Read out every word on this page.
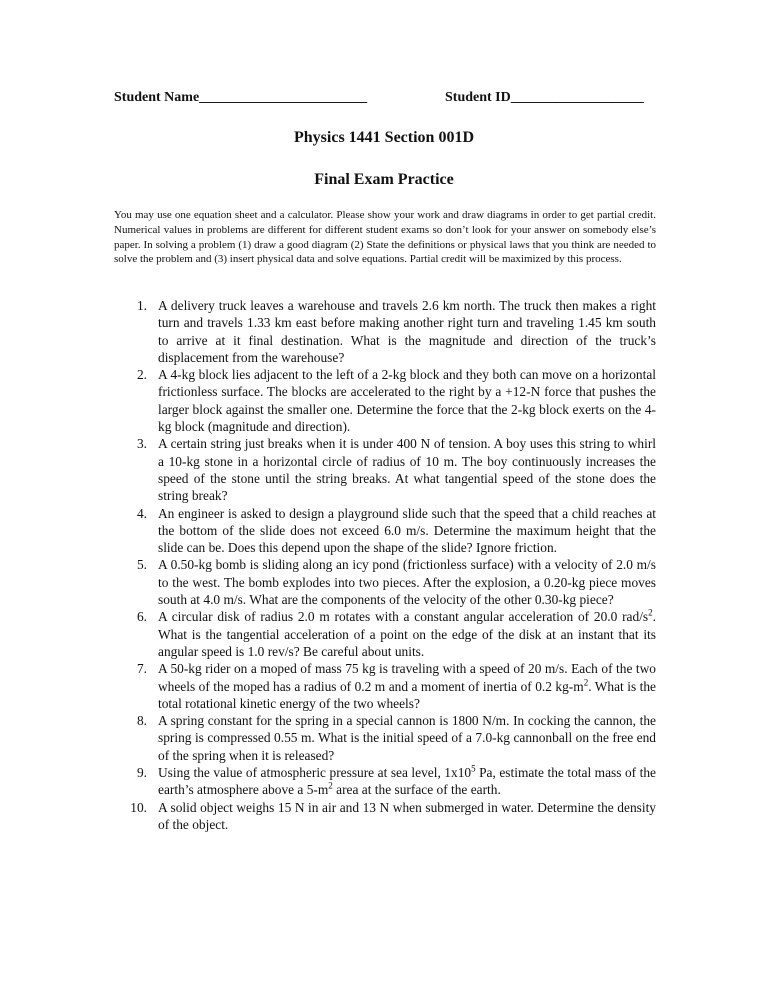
Student Name________________________	Student ID___________________
Physics 1441 Section 001D
Final Exam Practice
You may use one equation sheet and a calculator. Please show your work and draw diagrams in order to get partial credit. Numerical values in problems are different for different student exams so don’t look for your answer on somebody else’s paper. In solving a problem (1) draw a good diagram (2) State the definitions or physical laws that you think are needed to solve the problem and (3) insert physical data and solve equations. Partial credit will be maximized by this process.
1. A delivery truck leaves a warehouse and travels 2.6 km north. The truck then makes a right turn and travels 1.33 km east before making another right turn and traveling 1.45 km south to arrive at it final destination. What is the magnitude and direction of the truck’s displacement from the warehouse?
2. A 4-kg block lies adjacent to the left of a 2-kg block and they both can move on a horizontal frictionless surface. The blocks are accelerated to the right by a +12-N force that pushes the larger block against the smaller one. Determine the force that the 2-kg block exerts on the 4-kg block (magnitude and direction).
3. A certain string just breaks when it is under 400 N of tension. A boy uses this string to whirl a 10-kg stone in a horizontal circle of radius of 10 m. The boy continuously increases the speed of the stone until the string breaks. At what tangential speed of the stone does the string break?
4. An engineer is asked to design a playground slide such that the speed that a child reaches at the bottom of the slide does not exceed 6.0 m/s. Determine the maximum height that the slide can be. Does this depend upon the shape of the slide? Ignore friction.
5. A 0.50-kg bomb is sliding along an icy pond (frictionless surface) with a velocity of 2.0 m/s to the west. The bomb explodes into two pieces. After the explosion, a 0.20-kg piece moves south at 4.0 m/s. What are the components of the velocity of the other 0.30-kg piece?
6. A circular disk of radius 2.0 m rotates with a constant angular acceleration of 20.0 rad/$s^2$. What is the tangential acceleration of a point on the edge of the disk at an instant that its angular speed is 1.0 rev/s? Be careful about units.
7. A 50-kg rider on a moped of mass 75 kg is traveling with a speed of 20 m/s. Each of the two wheels of the moped has a radius of 0.2 m and a moment of inertia of 0.2 $kg-m^2$. What is the total rotational kinetic energy of the two wheels?
8. A spring constant for the spring in a special cannon is 1800 N/m. In cocking the cannon, the spring is compressed 0.55 m. What is the initial speed of a 7.0-kg cannonball on the free end of the spring when it is released?
9. Using the value of atmospheric pressure at sea level, $1x10^5$ Pa, estimate the total mass of the earth’s atmosphere above a $5-m^2$ area at the surface of the earth.
10. A solid object weighs 15 N in air and 13 N when submerged in water. Determine the density of the object.
